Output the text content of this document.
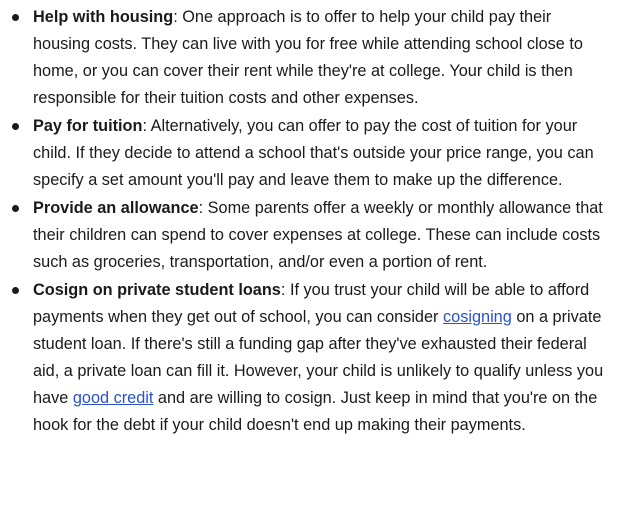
Help with housing: One approach is to offer to help your child pay their housing costs. They can live with you for free while attending school close to home, or you can cover their rent while they're at college. Your child is then responsible for their tuition costs and other expenses.
Pay for tuition: Alternatively, you can offer to pay the cost of tuition for your child. If they decide to attend a school that's outside your price range, you can specify a set amount you'll pay and leave them to make up the difference.
Provide an allowance: Some parents offer a weekly or monthly allowance that their children can spend to cover expenses at college. These can include costs such as groceries, transportation, and/or even a portion of rent.
Cosign on private student loans: If you trust your child will be able to afford payments when they get out of school, you can consider cosigning on a private student loan. If there's still a funding gap after they've exhausted their federal aid, a private loan can fill it. However, your child is unlikely to qualify unless you have good credit and are willing to cosign. Just keep in mind that you're on the hook for the debt if your child doesn't end up making their payments.
